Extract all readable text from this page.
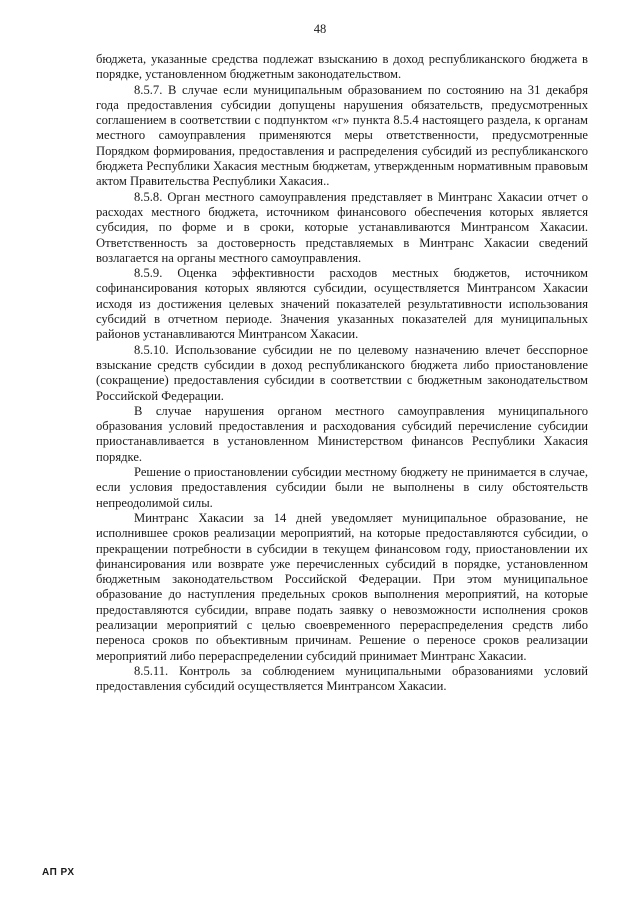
48

бюджета, указанные средства подлежат взысканию в доход республиканского бюджета в порядке, установленном бюджетным законодательством.

8.5.7. В случае если муниципальным образованием по состоянию на 31 декабря года предоставления субсидии допущены нарушения обязательств, предусмотренных соглашением в соответствии с подпунктом «г» пункта 8.5.4 настоящего раздела, к органам местного самоуправления применяются меры ответственности, предусмотренные Порядком формирования, предоставления и распределения субсидий из республиканского бюджета Республики Хакасия местным бюджетам, утвержденным нормативным правовым актом Правительства Республики Хакасия..

8.5.8. Орган местного самоуправления представляет в Минтранс Хакасии отчет о расходах местного бюджета, источником финансового обеспечения которых является субсидия, по форме и в сроки, которые устанавливаются Минтрансом Хакасии. Ответственность за достоверность представляемых в Минтранс Хакасии сведений возлагается на органы местного самоуправления.

8.5.9. Оценка эффективности расходов местных бюджетов, источником софинансирования которых являются субсидии, осуществляется Минтрансом Хакасии исходя из достижения целевых значений показателей результативности использования субсидий в отчетном периоде. Значения указанных показателей для муниципальных районов устанавливаются Минтрансом Хакасии.

8.5.10. Использование субсидии не по целевому назначению влечет бесспорное взыскание средств субсидии в доход республиканского бюджета либо приостановление (сокращение) предоставления субсидии в соответствии с бюджетным законодательством Российской Федерации.

В случае нарушения органом местного самоуправления муниципального образования условий предоставления и расходования субсидий перечисление субсидии приостанавливается в установленном Министерством финансов Республики Хакасия порядке.

Решение о приостановлении субсидии местному бюджету не принимается в случае, если условия предоставления субсидии были не выполнены в силу обстоятельств непреодолимой силы.

Минтранс Хакасии за 14 дней уведомляет муниципальное образование, не исполнившее сроков реализации мероприятий, на которые предоставляются субсидии, о прекращении потребности в субсидии в текущем финансовом году, приостановлении их финансирования или возврате уже перечисленных субсидий в порядке, установленном бюджетным законодательством Российской Федерации. При этом муниципальное образование до наступления предельных сроков выполнения мероприятий, на которые предоставляются субсидии, вправе подать заявку о невозможности исполнения сроков реализации мероприятий с целью своевременного перераспределения средств либо переноса сроков по объективным причинам. Решение о переносе сроков реализации мероприятий либо перераспределении субсидий принимает Минтранс Хакасии.

8.5.11. Контроль за соблюдением муниципальными образованиями условий предоставления субсидий осуществляется Минтрансом Хакасии.

АП РХ
